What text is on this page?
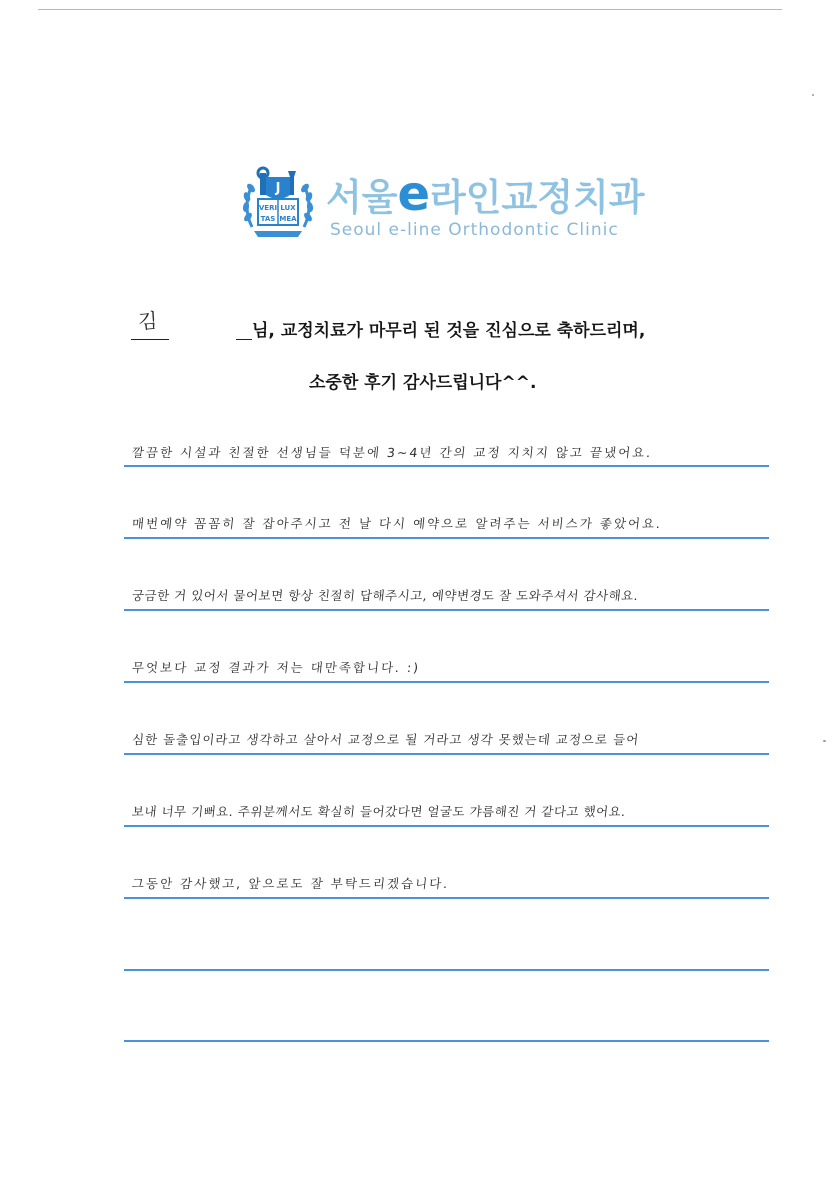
J
VERI LUX
TAS MEA 서울e라인교정치과
Seoul e-line Orthodontic Clinic
김	님, 교정치료가 마무리 된 것을 진심으로 축하드리며,
소중한 후기 감사드립니다^^.
깔끔한 시설과 친절한 선생님들 덕분에 3~4년 간의 교정 지치지 않고 끝냈어요.
매번예약 꼼꼼히 잘 잡아주시고 전 날 다시 예약으로 알려주는 서비스가 좋았어요.
궁금한 거 있어서 물어보면 항상 친절히 답해주시고, 예약변경도 잘 도와주셔서 감사해요.
무엇보다 교정 결과가 저는 대만족합니다. :)
심한 돌출입이라고 생각하고 살아서 교정으로 될 거라고 생각 못했는데 교정으로 들어
보내 너무 기뻐요. 주위분께서도 확실히 들어갔다면 얼굴도 갸름해진 거 같다고 했어요.
그동안 감사했고, 앞으로도 잘 부탁드리겠습니다.
